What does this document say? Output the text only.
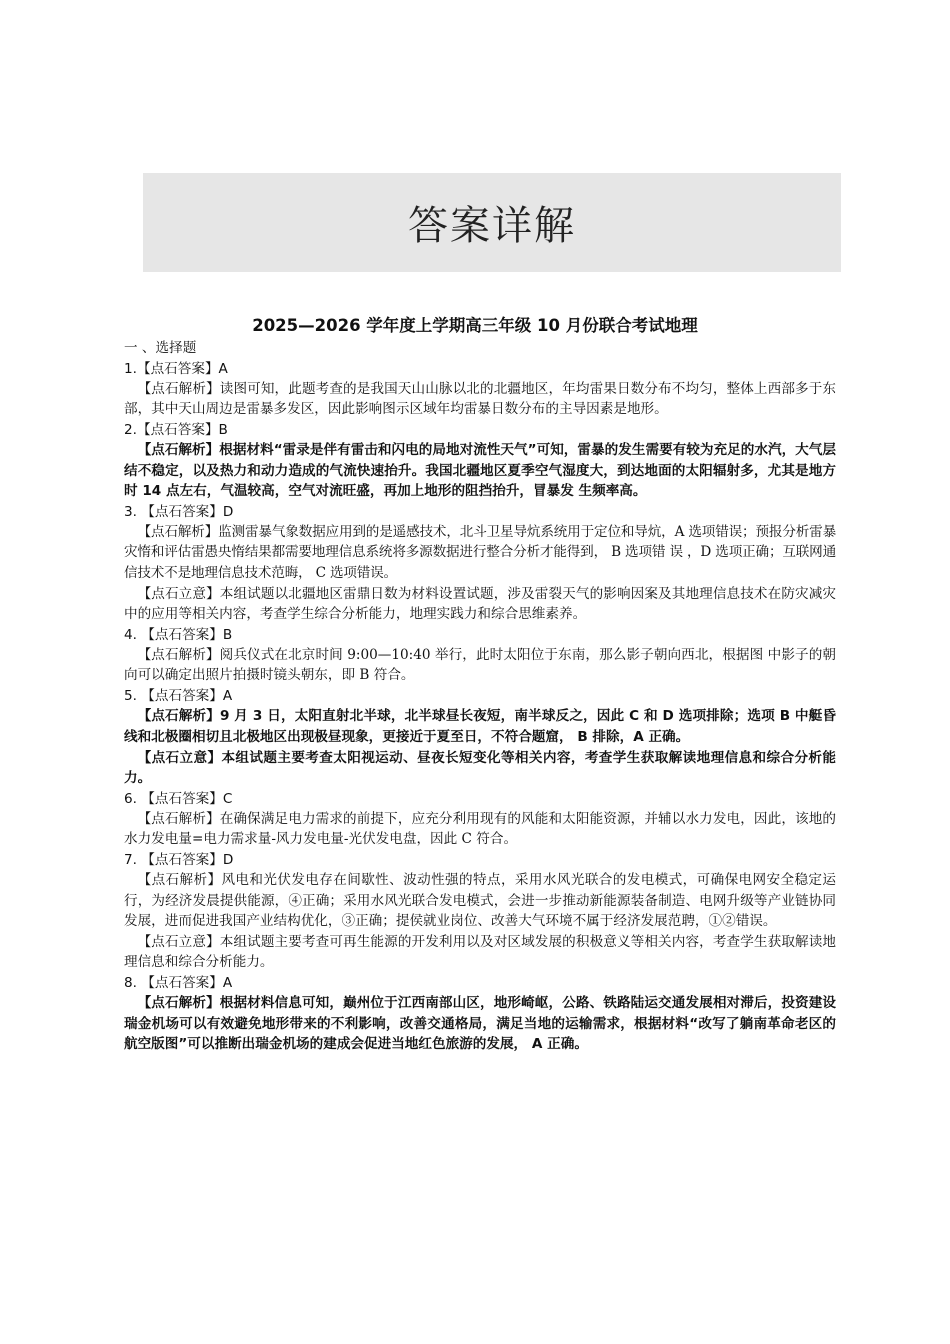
答案详解
2025—2026 学年度上学期高三年级 10 月份联合考试地理
一 、选择题
1.【点石答案】A
【点石解析】读图可知，此题考查的是我国天山山脉以北的北疆地区，年均雷果日数分布不均匀，整体上西部多于东部，其中天山周边是雷暴多发区，因此影响图示区域年均雷暴日数分布的主导因素是地形。
2.【点石答案】B
【点石解析】根据材料“雷录是伴有雷击和闪电的局地对流性天气”可知，雷暴的发生需要有较为充足的水汽，大气层结不稳定，以及热力和动力造成的气流快速抬升。我国北疆地区夏季空气湿度大，到达地面的太阳辐射多，尤其是地方时 14 点左右，气温较高，空气对流旺盛，再加上地形的阻挡抬升，冒暴发 生频率高。
3. 【点石答案】D
【点石解析】监测雷暴气象数据应用到的是遥感技术，北斗卫星导炕系统用于定位和导炕，A 选项错误；预报分析雷暴灾惰和评估雷愚央惰结果都需要地理信息系统将多源数据进行整合分析才能得到， B 选项错 误 ，D 选项正确；互联网通信技术不是地理信息技术范晦， C 选项错误。
【点石立意】本组试题以北疆地区雷鼎日数为材料设置试题，涉及雷裂天气的影响因案及其地理信息技术在防灾减灾中的应用等相关内容，考查学生综合分析能力，地理实践力和综合思维素养。
4. 【点石答案】B
【点石解析】阅兵仪式在北京时间 9:00—10:40 举行，此时太阳位于东南，那么影子朝向西北，根据图 中影子的朝向可以确定出照片拍摄时镜头朝东，即 B 符合。
5. 【点石答案】A
【点石解析】9 月 3 日，太阳直射北半球，北半球昼长夜短，南半球反之，因此 C 和 D 选项排除；选项 B 中艇昏线和北极圈相切且北极地区出现极昼现象，更接近于夏至日，不符合题窟， B 排除，A 正确。
【点石立意】本组试题主要考查太阳视运动、昼夜长短变化等相关内容，考查学生获取解读地理信息和综合分析能力。
6. 【点石答案】C
【点石解析】在确保满足电力需求的前提下，应充分利用现有的风能和太阳能资源，并辅以水力发电，因此，该地的水力发电量=电力需求量-风力发电量-光伏发电盘，因此 C 符合。
7. 【点石答案】D
【点石解析】风电和光伏发电存在间歇性、波动性强的特点，采用水风光联合的发电模式，可确保电网安全稳定运行，为经济发晨提供能源，④正确；采用水风光联合发电模式，会进一步推动新能源装备制造、电网升级等产业链协同发展，进而促进我国产业结构优化，③正确；提侯就业岗位、改善大气环境不属于经济发展范聘，①②错误。
【点石立意】本组试题主要考查可再生能源的开发利用以及对区域发展的积极意义等相关内容，考查学生获取解读地理信息和综合分析能力。
8. 【点石答案】A
【点石解析】根据材料信息可知，巅州位于江西南部山区，地形崎岖，公路、铁路陆运交通发展相对滞后，投资建设瑞金机场可以有效避免地形带来的不利影响，改善交通格局，满足当地的运输需求，根据材料“改写了躺南革命老区的航空版图”可以推断出瑞金机场的建成会促进当地红色旅游的发展， A 正确。
